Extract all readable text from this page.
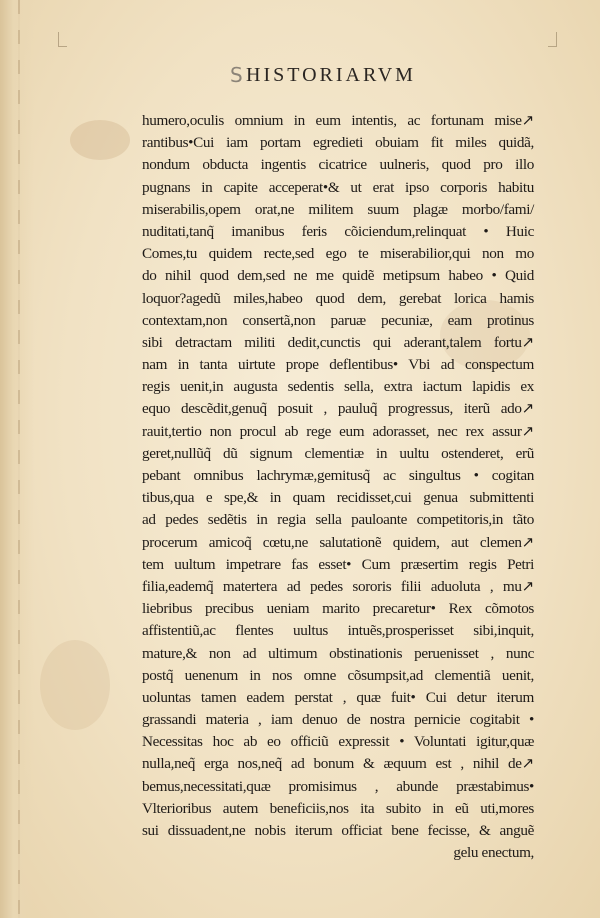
S HISTORIARVM
humero,oculis omnium in eum intentis, ac fortunam mise↗
rantibus•Cui iam portam egredieti obuiam fit miles quidã,
nondum obducta ingentis cicatrice uulneris, quod pro illo
pugnans in capite acceperat•& ut erat ipso corporis habitu
miserabilis,opem orat,ne militem suum plagæ morbo/fami/
nuditati,tanq̃ imanibus feris cõiciendum,relinquat • Huic
Comes,tu quidem recte,sed ego te miserabilior,qui non mo
do nihil quod dem,sed ne me quidẽ metipsum habeo • Quid
loquor?agedũ miles,habeo quod dem, gerebat lorica hamis
contextam,non consertã,non paruæ pecuniæ, eam protinus
sibi detractam militi dedit,cunctis qui aderant,talem fortu↗
nam in tanta uirtute prope deflentibus• Vbi ad conspectum
regis uenit,in augusta sedentis sella, extra iactum lapidis ex
equo descẽdit,genuq̃ posuit , pauluq̃ progressus, iterũ ado↗
rauit,tertio non procul ab rege eum adorasset, nec rex assur↗
geret,nullũq̃ dũ signum clementiæ in uultu ostenderet, erũ
pebant omnibus lachrymæ,gemitusq̃ ac singultus • cogitan
tibus,qua e spe,& in quam recidisset,cui genua submittenti
ad pedes sedẽtis in regia sella pauloante competitoris,in tãto
procerum amicoq̃ cœtu,ne salutationẽ quidem, aut clemen↗
tem uultum impetrare fas esset• Cum præsertim regis Petri
filia,eademq̃ matertera ad pedes sororis filii aduoluta , mu↗
liebribus precibus ueniam marito precaretur• Rex cõmotos
affistentiũ,ac flentes uultus intuẽs,prosperisset sibi,inquit,
mature,& non ad ultimum obstinationis peruenisset , nunc
postq̃ uenenum in nos omne cõsumpsit,ad clementiã uenit,
uoluntas tamen eadem perstat , quæ fuit• Cui detur iterum
grassandi materia , iam denuo de nostra pernicie cogitabit •
Necessitas hoc ab eo officiũ expressit • Voluntati igitur,quæ
nulla,neq̃ erga nos,neq̃ ad bonum & æquum est , nihil de↗
bemus,necessitati,quæ promisimus , abunde præstabimus•
Vlterioribus autem beneficiis,nos ita subito in eũ uti,mores
sui dissuadent,ne nobis iterum officiat bene fecisse, & anguẽ
gelu enectum,
